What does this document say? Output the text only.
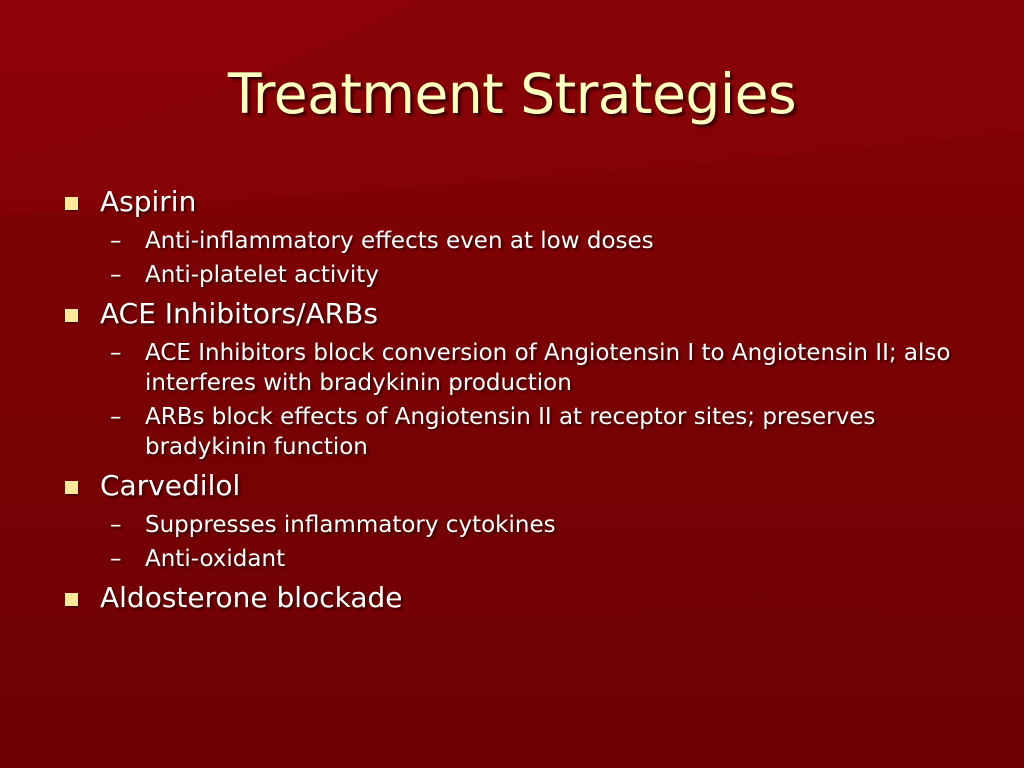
Treatment Strategies
Aspirin
– Anti-inflammatory effects even at low doses
– Anti-platelet activity
ACE Inhibitors/ARBs
– ACE Inhibitors block conversion of Angiotensin I to Angiotensin II; also interferes with bradykinin production
– ARBs block effects of Angiotensin II at receptor sites; preserves bradykinin function
Carvedilol
– Suppresses inflammatory cytokines
– Anti-oxidant
Aldosterone blockade
